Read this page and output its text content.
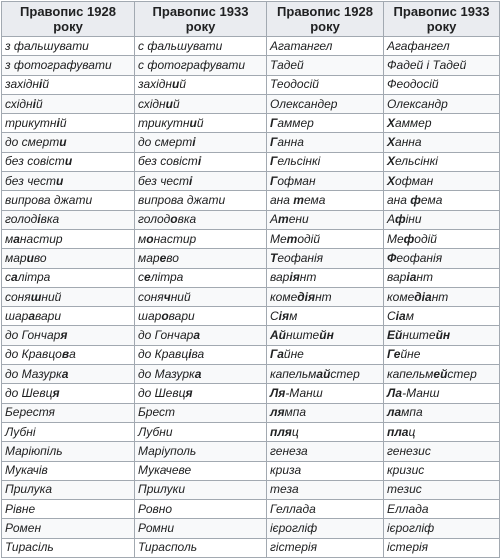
Правопис 1928 року	Правопис 1933 року	Правопис 1928 року	Правопис 1933 року
з фальшувати	с фальшувати	Агатангел	Агафангел
з фотографувати	с фотографувати	Тадей	Фадей і Тадей
західній	західний	Теодосій	Феодосій
східній	східний	Олександер	Олександр
трикутній	трикутний	Гаммер	Хаммер
до смерти	до смерті	Ганна	Ханна
без совісти	без совісті	Гельсінкі	Хельсінкі
без чести	без честі	Гофман	Хофман
випрова джати	випрова джати	ана тема	ана фема
голодівка	голодовка	Атени	Афіни
манастир	монастир	Методій	Мефодій
мариво	марево	Теофанія	Феофанія
салітра	селітра	варіянт	варіант
соняшний	сонячний	комедіянт	комедіант
шаравари	шаровари	Сіям	Сіам
до Гончаря	до Гончара	Айнштейн	Ейнштейн
до Кравцова	до Кравціва	Гайне	Гейне
до Мазурка	до Мазурка	капельмайстер	капельмейстер
до Шевця	до Шевця	Ля-Манш	Ла-Манш
Берестя	Брест	лямпа	лампа
Лубні	Лубни	пляц	плац
Маріюпіль	Маріуполь	генеза	генезис
Мукачів	Мукачеве	криза	кризис
Прилука	Прилуки	теза	тезис
Рівне	Ровно	Геллада	Еллада
Ромен	Ромни	ієрогліф	ієрогліф
Тирасіль	Тирасполь	гістерія	істерія
